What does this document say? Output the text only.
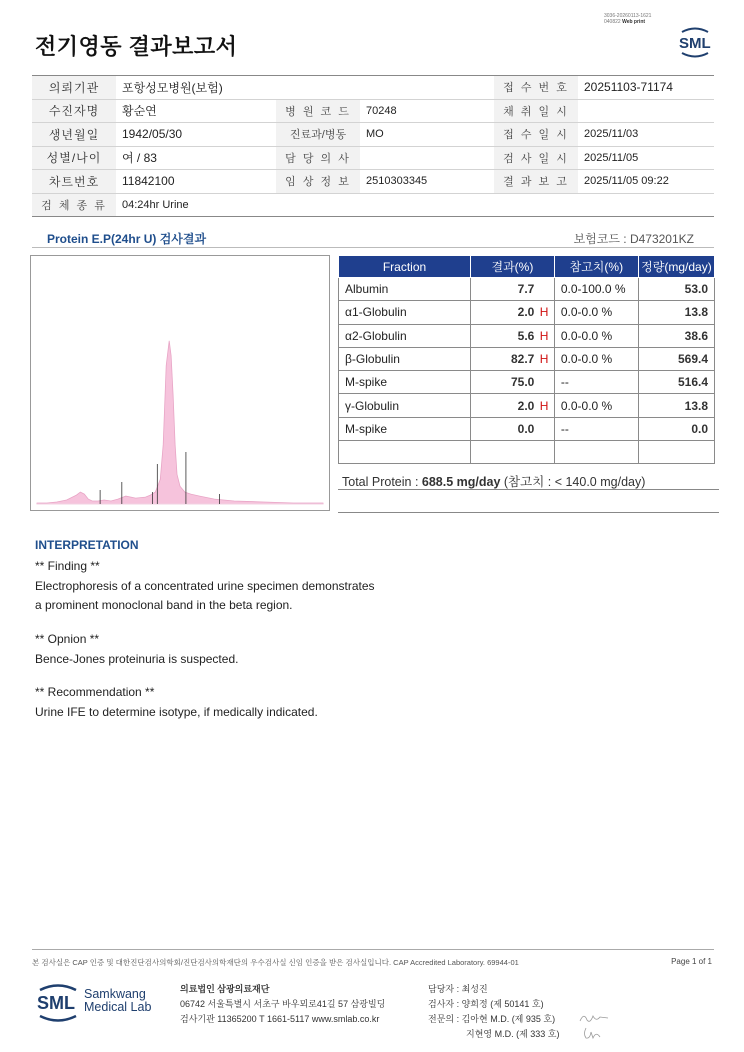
3036-20260113-1621
040822 Web print
전기영동 결과보고서	SML
의뢰기관	포항성모병원(보험)			접 수 번 호	20251103-71174
수진자명	황순연	병 원 코 드	70248	채 취 일 시	
생년월일	1942/05/30	진료과/병동	MO	접 수 일 시	2025/11/03
성별/나이	여 / 83	담 당 의 사		검 사 일 시	2025/11/05
차트번호	11842100	임 상 정 보	2510303345	결 과 보 고	2025/11/05 09:22
검 체 종 류	04:24hr Urine				
Protein E.P(24hr U) 검사결과	보험코드 : D473201KZ
Fraction	결과(%)		참고치(%)	정량(mg/day)
Albumin	7.7		0.0-100.0 %	53.0
α1-Globulin	2.0	H	0.0-0.0 %	13.8
α2-Globulin	5.6	H	0.0-0.0 %	38.6
β-Globulin	82.7	H	0.0-0.0 %	569.4
M-spike	75.0		--	516.4
γ-Globulin	2.0	H	0.0-0.0 %	13.8
M-spike	0.0		--	0.0

Total Protein : 688.5 mg/day (참고치 : < 140.0 mg/day)
INTERPRETATION
** Finding **
Electrophoresis of a concentrated urine specimen demonstrates
a prominent monoclonal band in the beta region.
** Opnion **
Bence-Jones proteinuria is suspected.
** Recommendation **
Urine IFE to determine isotype, if medically indicated.
본 검사실은 CAP 인증 및 대한진단검사의학회/진단검사의학재단의 우수검사실 신임 인증을 받은 검사실입니다. CAP Accredited Laboratory. 69944-01	Page 1 of 1
SML Samkwang
Medical Lab
의료법인 삼광의료재단
06742 서울특별시 서초구 바우뫼로41길 57 삼광빌딩
검사기관 11365200 T 1661-5117 www.smlab.co.kr
담당자 : 최성진
검사자 : 양희정 (제 50141 호)
전문의 : 김아현 M.D. (제 935 호)
지현영 M.D. (제 333 호)
